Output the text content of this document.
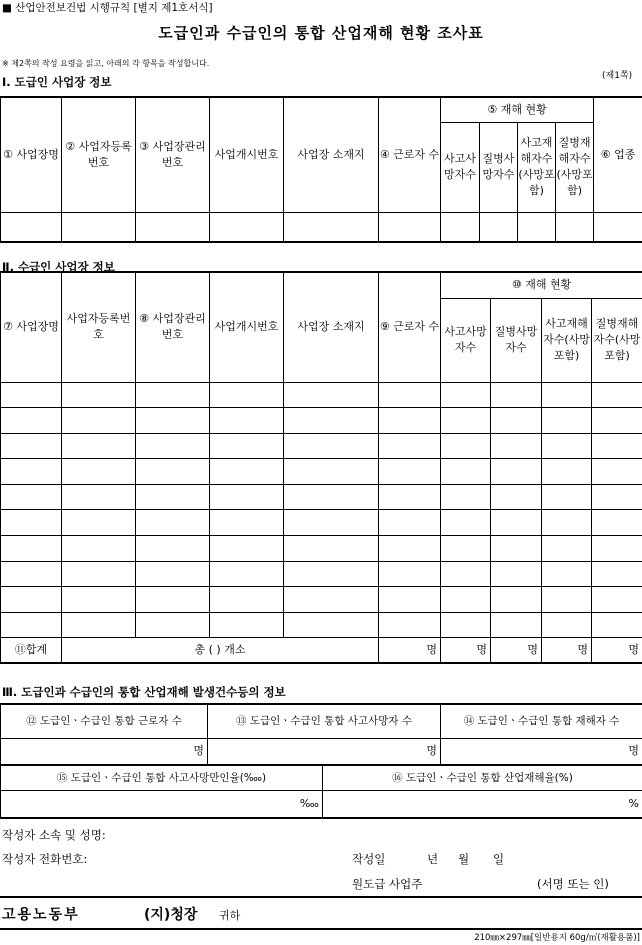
■ 산업안전보건법 시행규칙 [별지 제1호서식]
도급인과 수급인의 통합 산업재해 현황 조사표
※ 제2쪽의 작성 요령을 읽고, 아래의 각 항목을 작성합니다.
(제1쪽)
Ⅰ. 도급인 사업장 정보
① 사업장명	② 사업자등록번호	③ 사업장관리번호	사업개시번호	사업장 소재지	④ 근로자 수	⑤ 재해 현황				⑥ 업종
						사고사망자수	질병사망자수	사고재해자수(사망포함)	질병재해자수(사망포함)	

Ⅱ. 수급인 사업장 정보
⑦ 사업장명	사업자등록번호	⑧ 사업장관리번호	사업개시번호	사업장 소재지	⑨ 근로자 수	⑩ 재해 현황			
						사고사망자수	질병사망자수	사고재해자수(사망포함)	질병재해자수(사망 포함)

⑪합계	총 ( ) 개소				명	명	명	명	명
Ⅲ. 도급인과 수급인의 통합 산업재해 발생건수등의 정보
⑫ 도급인ㆍ수급인 통합 근로자 수	⑬ 도급인ㆍ수급인 통합 사고사망자 수	⑭ 도급인ㆍ수급인 통합 재해자 수
명	명	명
⑮ 도급인ㆍ수급인 통합 사고사망만인율(‱)	⑯ 도급인ㆍ수급인 통합 산업재해율(%)
‱	%
작성자 소속 및 성명:
작성자 전화번호:	작성일	년 월 일
원도급 사업주	(서명 또는 인)
고용노동부	(지)청장 귀하
210㎜×297㎜[일반용지 60g/㎡(재활용품)]
